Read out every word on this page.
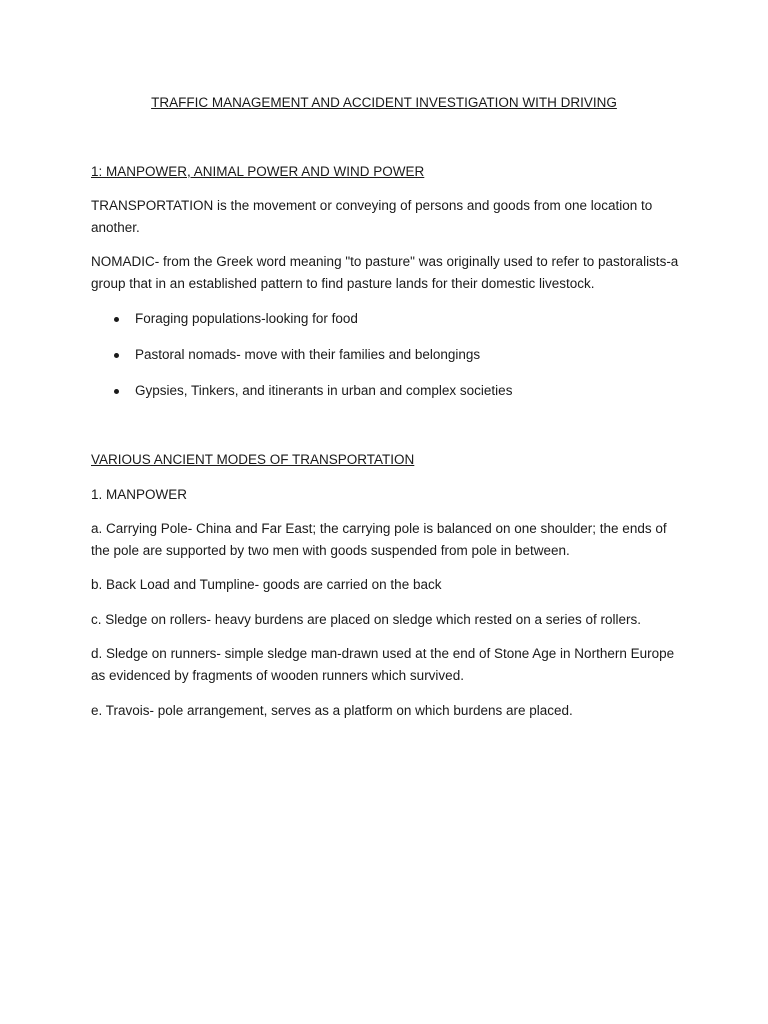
TRAFFIC MANAGEMENT AND ACCIDENT INVESTIGATION WITH DRIVING
1: MANPOWER, ANIMAL POWER AND WIND POWER

TRANSPORTATION is the movement or conveying of persons and goods from one location to another.

NOMADIC- from the Greek word meaning "to pasture" was originally used to refer to pastoralists-a group that in an established pattern to find pasture lands for their domestic livestock.

Foraging populations-looking for food
Pastoral nomads- move with their families and belongings
Gypsies, Tinkers, and itinerants in urban and complex societies
VARIOUS ANCIENT MODES OF TRANSPORTATION

1. MANPOWER

a. Carrying Pole- China and Far East; the carrying pole is balanced on one shoulder; the ends of the pole are supported by two men with goods suspended from pole in between.

b. Back Load and Tumpline- goods are carried on the back

c. Sledge on rollers- heavy burdens are placed on sledge which rested on a series of rollers.

d. Sledge on runners- simple sledge man-drawn used at the end of Stone Age in Northern Europe as evidenced by fragments of wooden runners which survived.

e. Travois- pole arrangement, serves as a platform on which burdens are placed.
